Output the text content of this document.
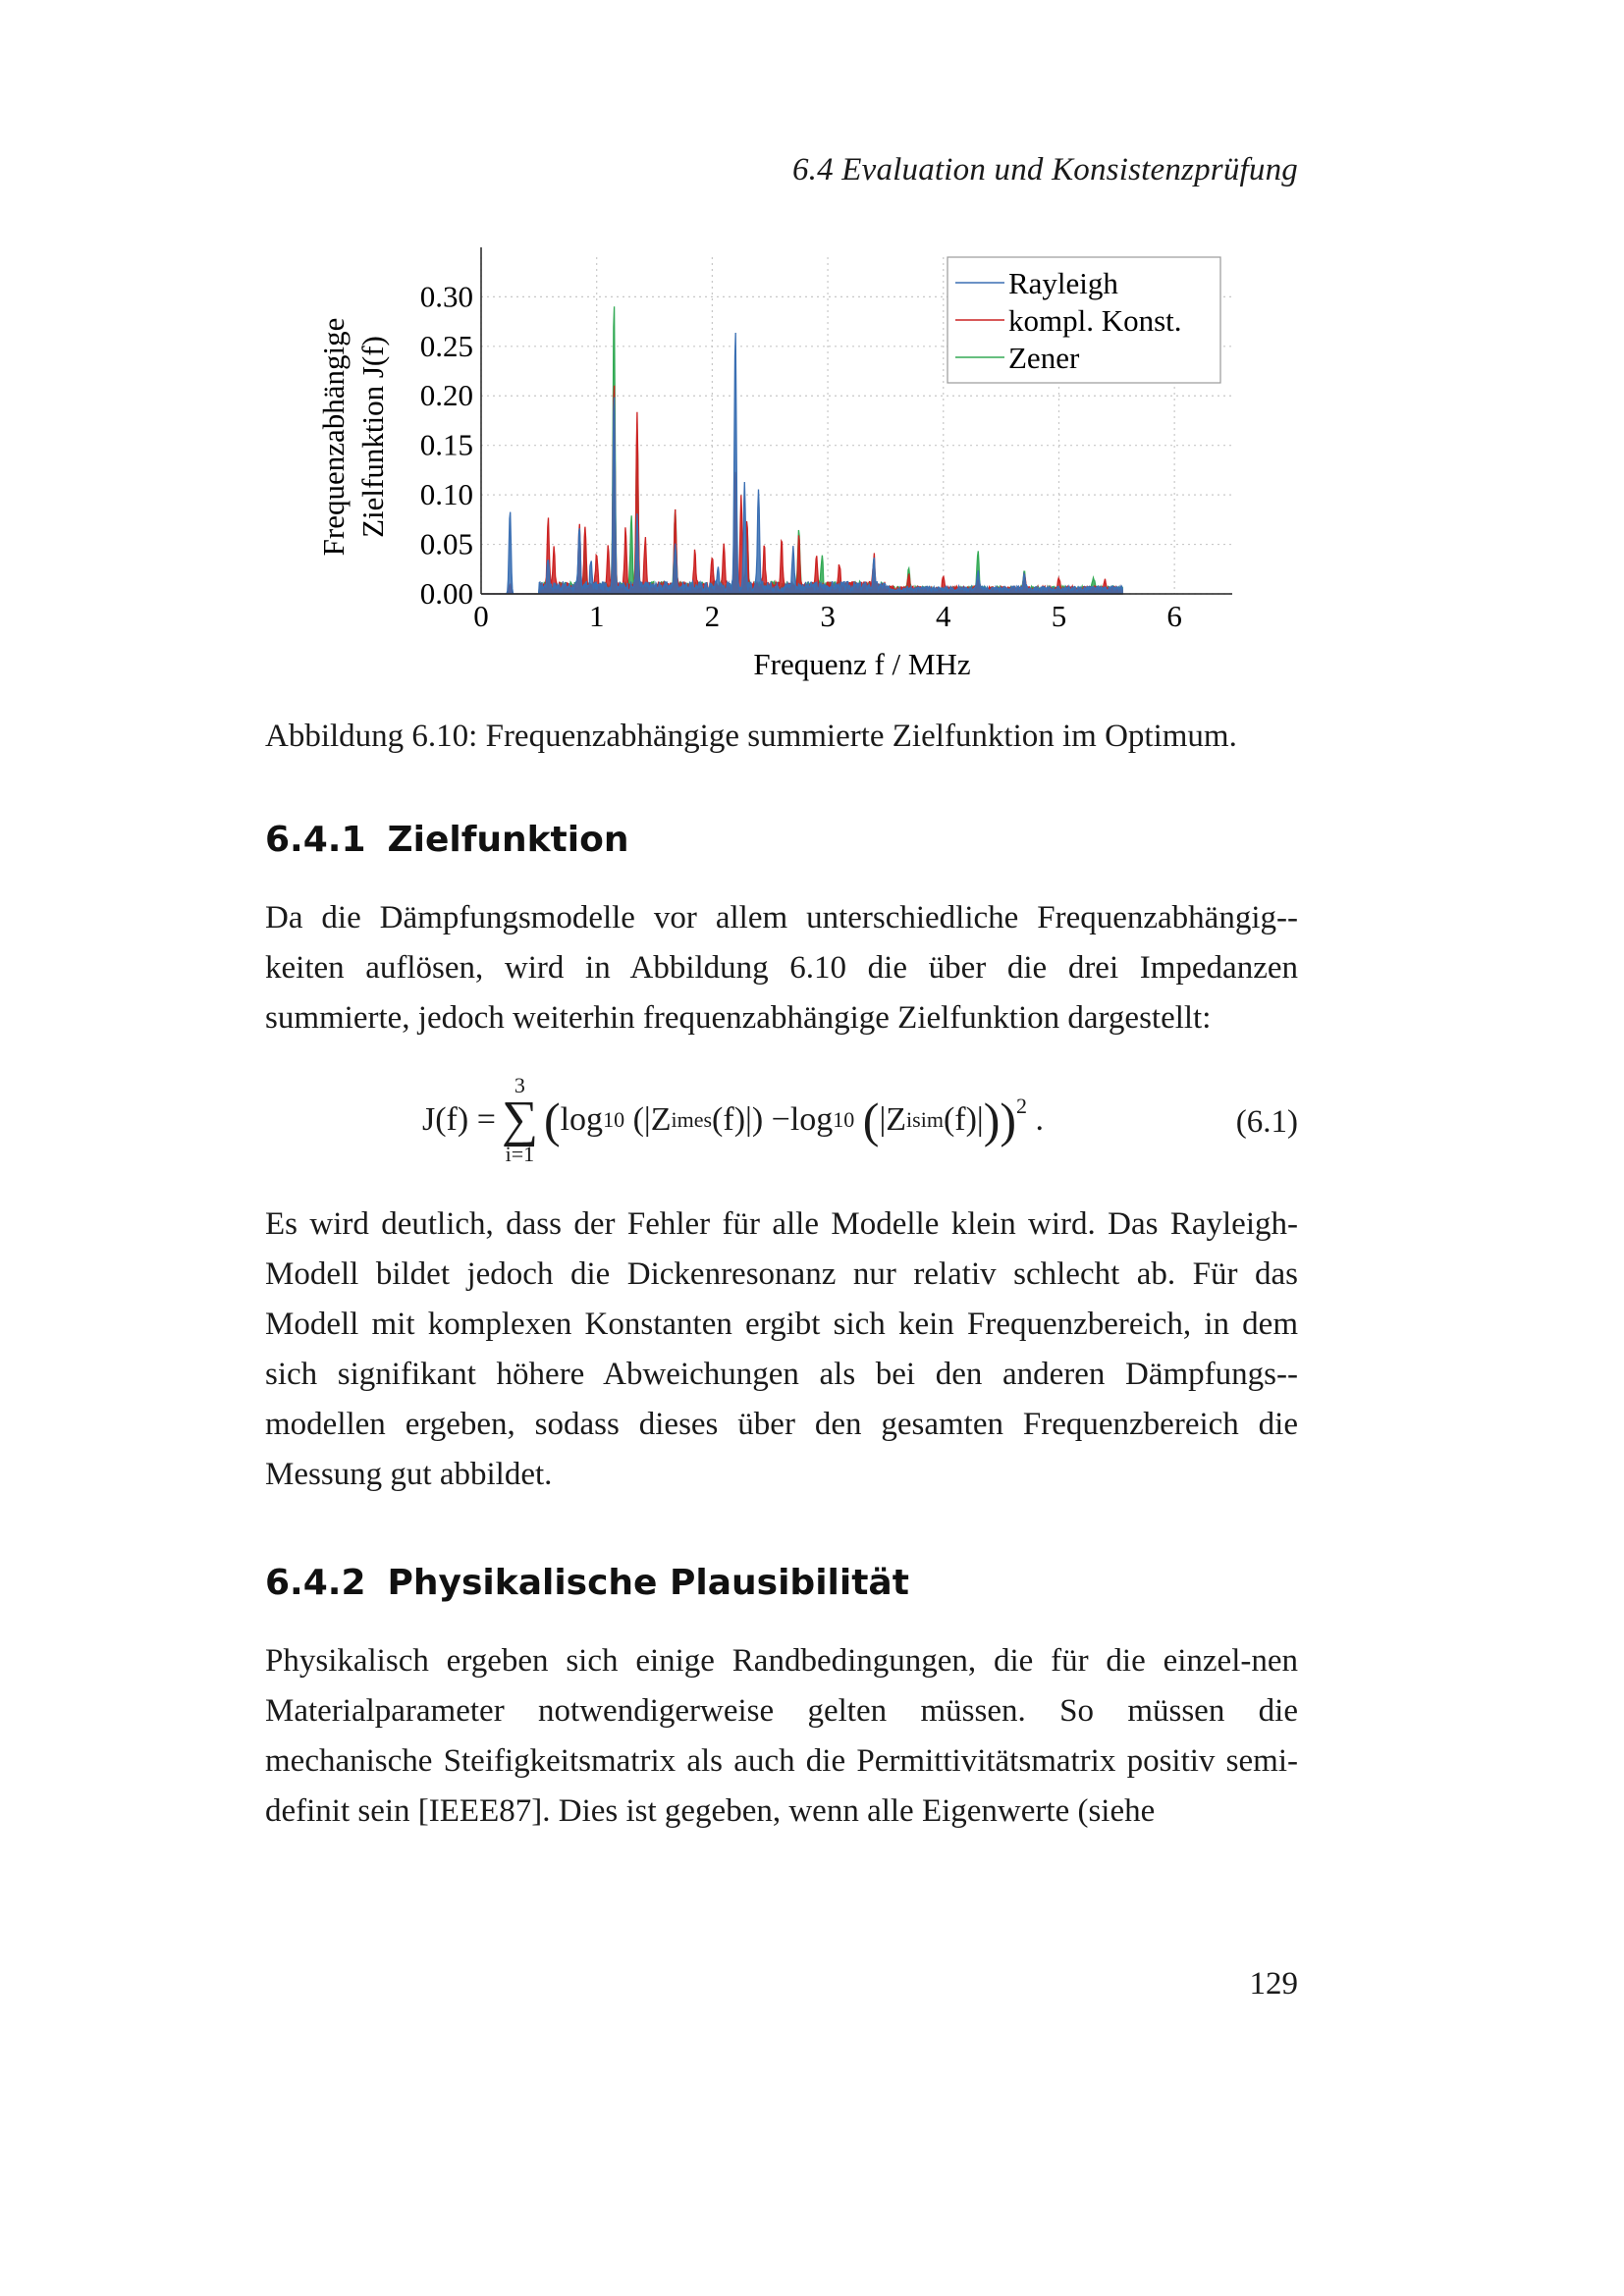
6.4 Evaluation und Konsistenzprüfung
0	1	2	3	4	5	6
0.00
0.05
0.10
0.15
0.20
0.25
0.30
Frequenzabhängige Zielfunktion J(f)
Frequenz f / MHz
Rayleigh
kompl. Konst.
Zener
Abbildung 6.10: Frequenzabhängige summierte Zielfunktion im Optimum.
6.4.1 Zielfunktion

Da die Dämpfungsmodelle vor allem unterschiedliche Frequenzabhängig-keiten auflösen, wird in Abbildung 6.10 die über die drei Impedanzen summierte, jedoch weiterhin frequenzabhängige Zielfunktion dargestellt:

J(f) =
3
∑
i=1
( log 10
(|Z i mes (f)|) − log 10
( |Z i sim (f)| ))$^2$
.	(6.1)

Es wird deutlich, dass der Fehler für alle Modelle klein wird. Das Rayleigh-Modell bildet jedoch die Dickenresonanz nur relativ schlecht ab. Für das Modell mit komplexen Konstanten ergibt sich kein Frequenzbereich, in dem sich signifikant höhere Abweichungen als bei den anderen Dämpfungs-modellen ergeben, sodass dieses über den gesamten Frequenzbereich die Messung gut abbildet.

6.4.2 Physikalische Plausibilität

Physikalisch ergeben sich einige Randbedingungen, die für die einzel-nen Materialparameter notwendigerweise gelten müssen. So müssen die mechanische Steifigkeitsmatrix als auch die Permittivitätsmatrix positiv semi-definit sein [IEEE87]. Dies ist gegeben, wenn alle Eigenwerte (siehe

129
